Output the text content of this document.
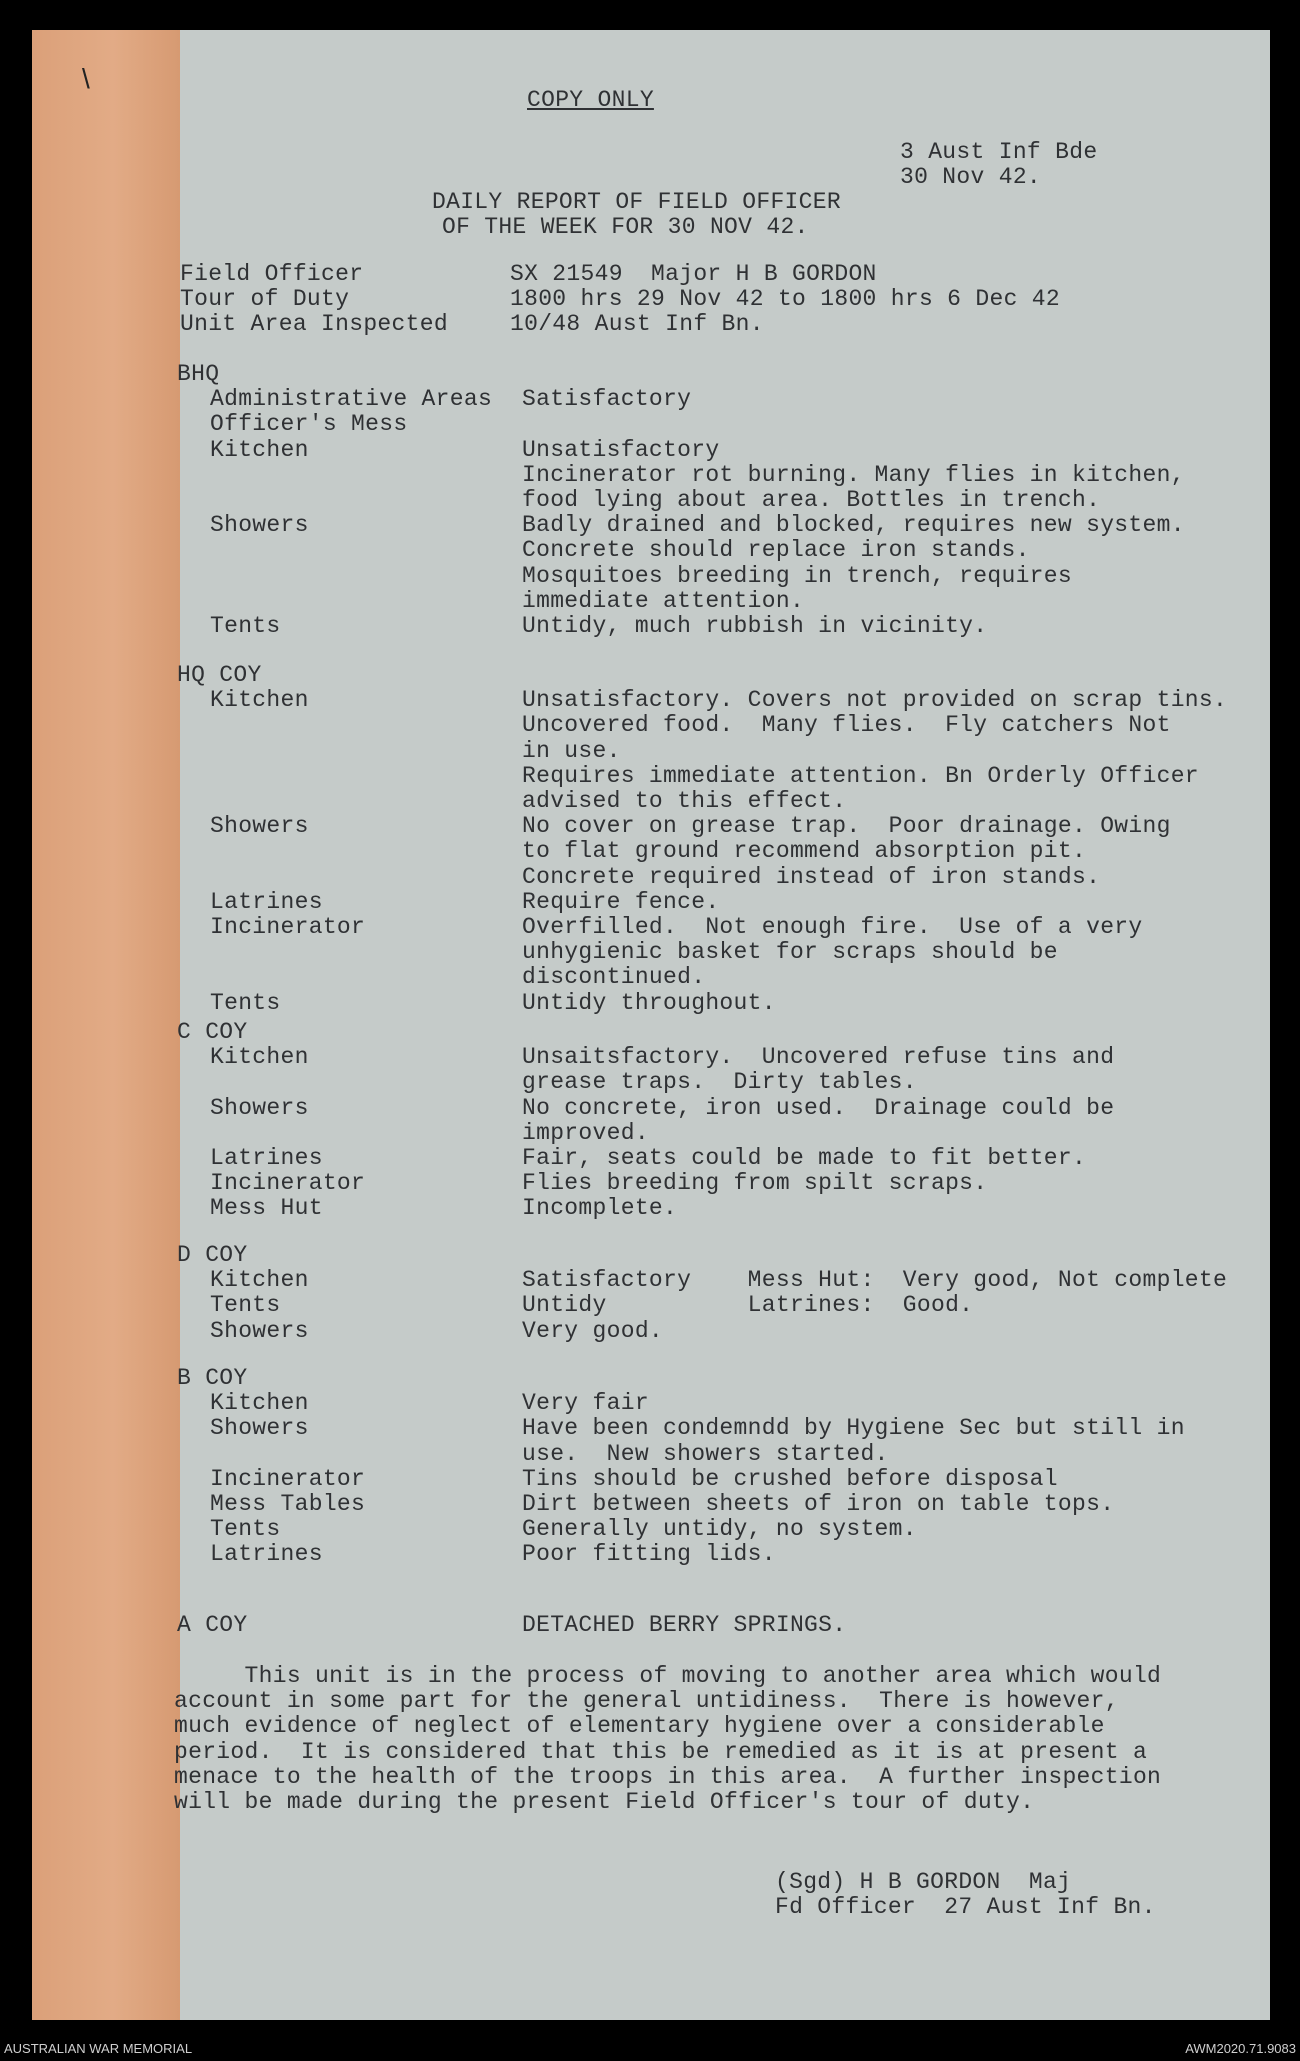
\
COPY ONLY
3 Aust Inf Bde
30 Nov 42.
DAILY REPORT OF FIELD OFFICER
OF THE WEEK FOR 30 NOV 42.
Field Officer	SX 21549  Major H B GORDON
Tour of Duty	1800 hrs 29 Nov 42 to 1800 hrs 6 Dec 42
Unit Area Inspected	10/48 Aust Inf Bn.
BHQ
Administrative Areas Satisfactory
Officer's Mess
Kitchen	Unsatisfactory
Incinerator rot burning. Many flies in kitchen,
food lying about area. Bottles in trench.
Showers	Badly drained and blocked, requires new system.
Concrete should replace iron stands.
Mosquitoes breeding in trench, requires
immediate attention.
Tents	Untidy, much rubbish in vicinity.
HQ COY
Kitchen	Unsatisfactory. Covers not provided on scrap tins.
Uncovered food.  Many flies.  Fly catchers Not
in use.
Requires immediate attention. Bn Orderly Officer
advised to this effect.
Showers	No cover on grease trap.  Poor drainage. Owing
to flat ground recommend absorption pit.
Concrete required instead of iron stands.
Latrines	Require fence.
Incinerator	Overfilled.  Not enough fire.  Use of a very
unhygienic basket for scraps should be
discontinued.
Tents	Untidy throughout.
C COY
Kitchen	Unsaitsfactory.  Uncovered refuse tins and
grease traps.  Dirty tables.
Showers	No concrete, iron used.  Drainage could be
improved.
Latrines	Fair, seats could be made to fit better.
Incinerator	Flies breeding from spilt scraps.
Mess Hut	Incomplete.
D COY
Kitchen	Satisfactory    Mess Hut:  Very good, Not complete
Tents	Untidy          Latrines:  Good.
Showers	Very good.
B COY
Kitchen	Very fair
Showers	Have been condemndd by Hygiene Sec but still in
use.  New showers started.
Incinerator	Tins should be crushed before disposal
Mess Tables	Dirt between sheets of iron on table tops.
Tents	Generally untidy, no system.
Latrines	Poor fitting lids.
A COY	DETACHED BERRY SPRINGS.
This unit is in the process of moving to another area which would
account in some part for the general untidiness.  There is however,
much evidence of neglect of elementary hygiene over a considerable
period.  It is considered that this be remedied as it is at present a
menace to the health of the troops in this area.  A further inspection
will be made during the present Field Officer's tour of duty.
(Sgd) H B GORDON  Maj
Fd Officer  27 Aust Inf Bn.
AUSTRALIAN WAR MEMORIAL	AWM2020.71.9083
